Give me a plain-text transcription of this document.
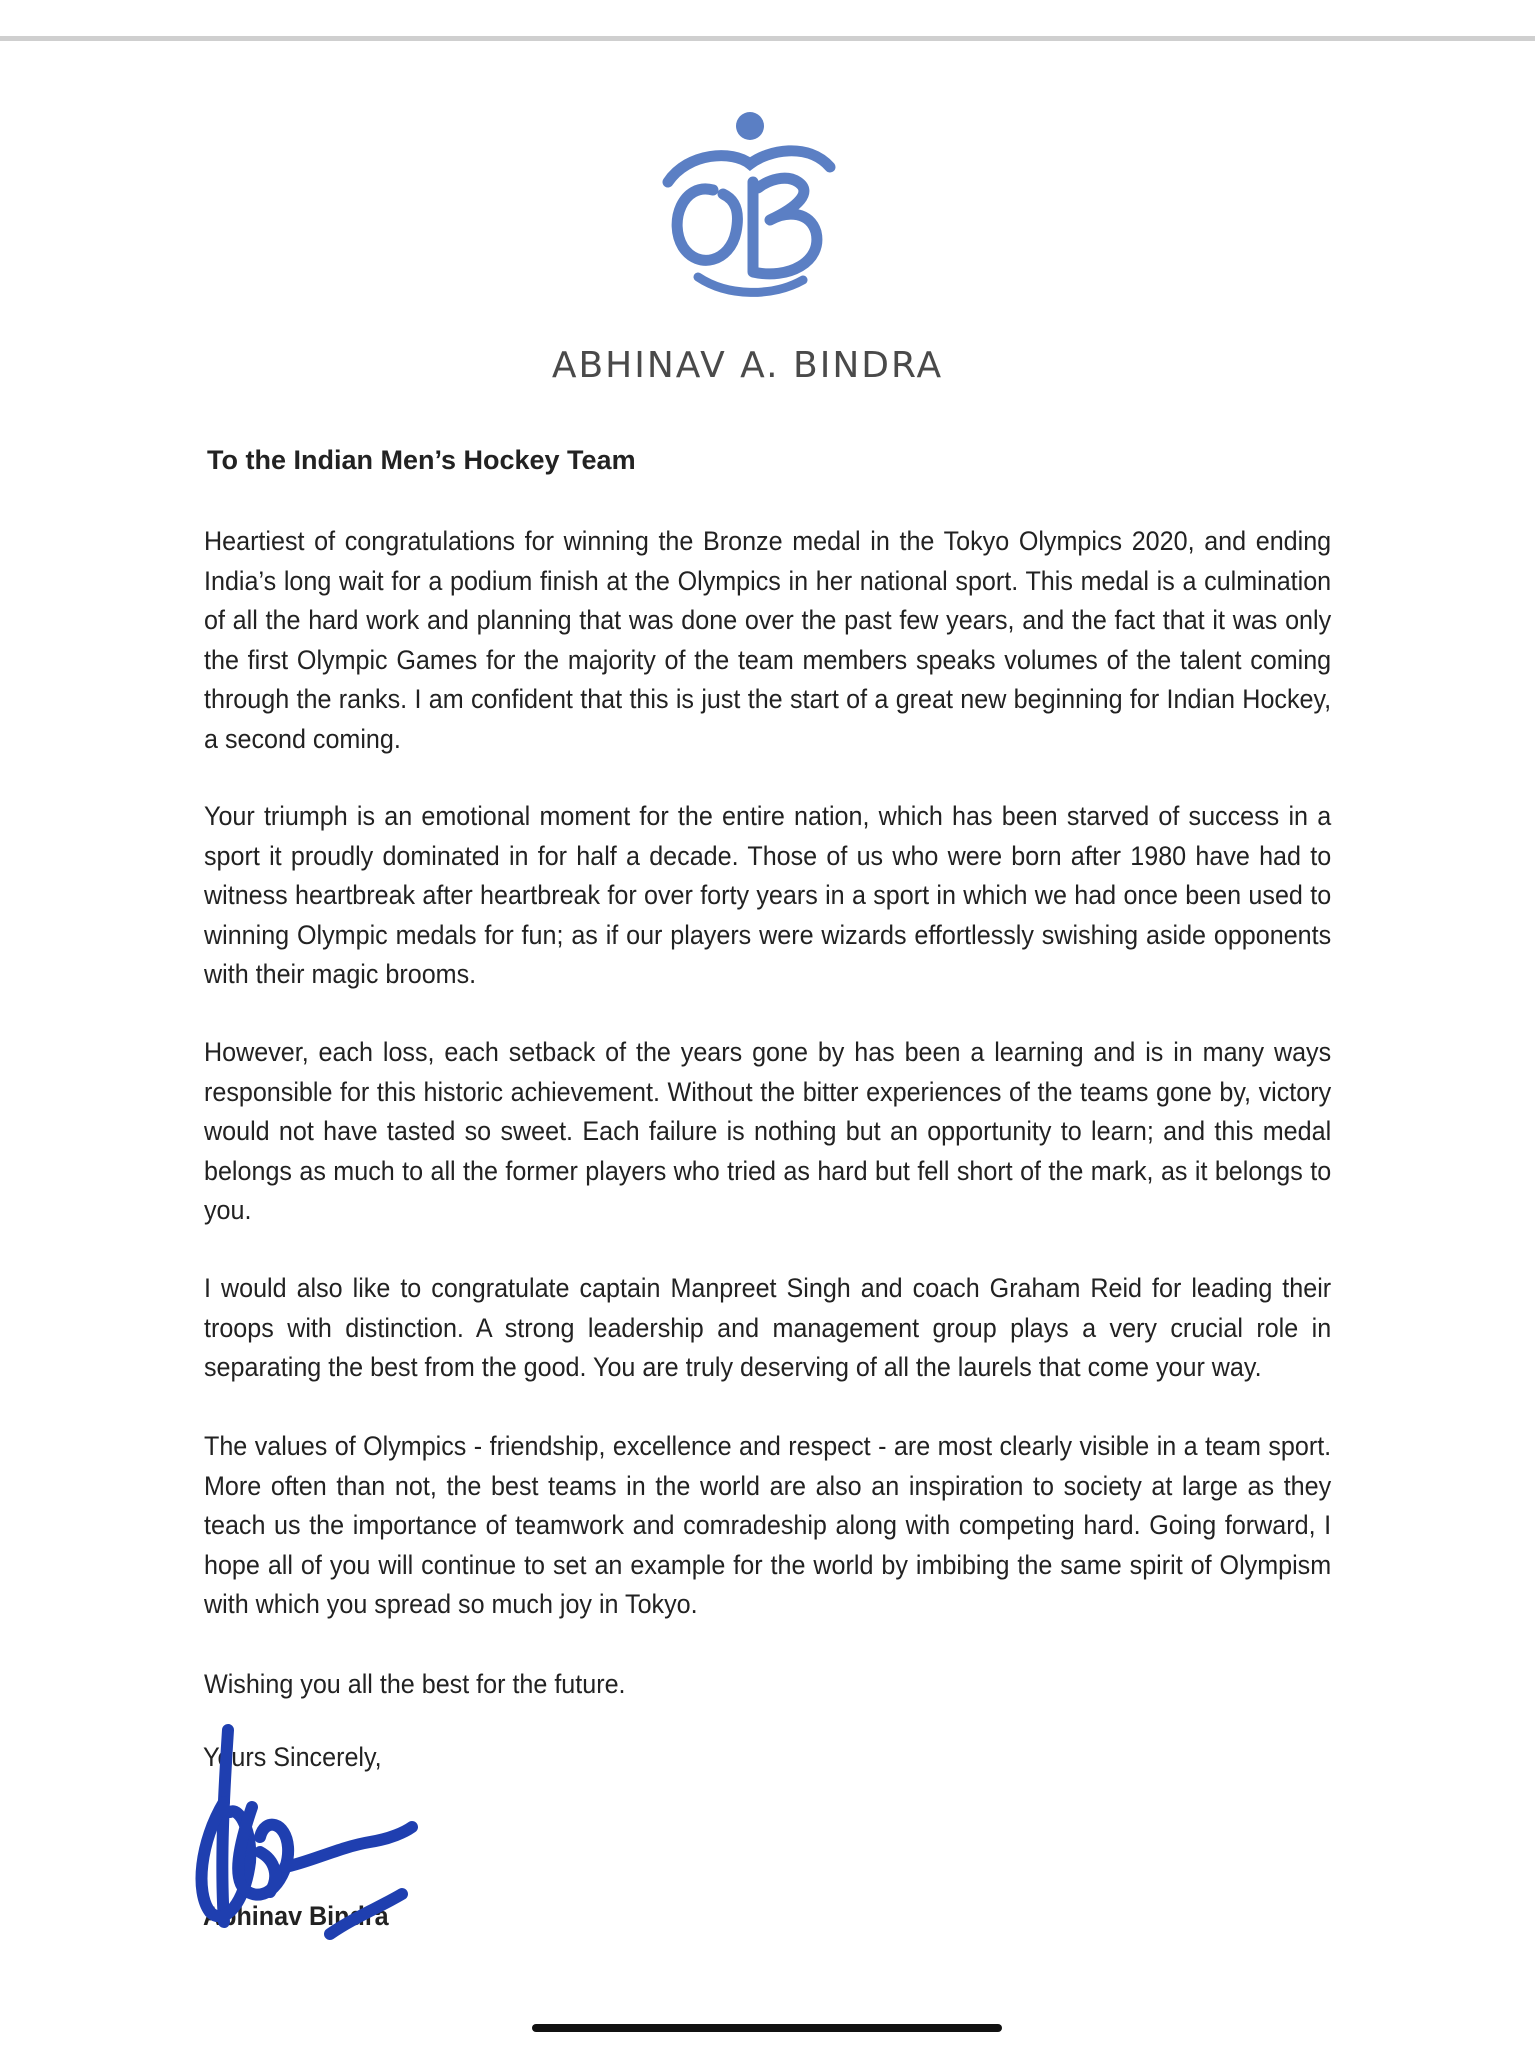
ABHINAV A. BINDRA
To the Indian Men’s Hockey Team
Heartiest of congratulations for winning the Bronze medal in the Tokyo Olympics 2020, and ending India’s long wait for a podium finish at the Olympics in her national sport. This medal is a culmination of all the hard work and planning that was done over the past few years, and the fact that it was only the first Olympic Games for the majority of the team members speaks volumes of the talent coming through the ranks. I am confident that this is just the start of a great new beginning for Indian Hockey, a second coming.
Your triumph is an emotional moment for the entire nation, which has been starved of success in a sport it proudly dominated in for half a decade. Those of us who were born after 1980 have had to witness heartbreak after heartbreak for over forty years in a sport in which we had once been used to winning Olympic medals for fun; as if our players were wizards effortlessly swishing aside opponents with their magic brooms.
However, each loss, each setback of the years gone by has been a learning and is in many ways responsible for this historic achievement. Without the bitter experiences of the teams gone by, victory would not have tasted so sweet. Each failure is nothing but an opportunity to learn; and this medal belongs as much to all the former players who tried as hard but fell short of the mark, as it belongs to you.
I would also like to congratulate captain Manpreet Singh and coach Graham Reid for leading their troops with distinction. A strong leadership and management group plays a very crucial role in separating the best from the good. You are truly deserving of all the laurels that come your way.
The values of Olympics - friendship, excellence and respect - are most clearly visible in a team sport. More often than not, the best teams in the world are also an inspiration to society at large as they teach us the importance of teamwork and comradeship along with competing hard. Going forward, I hope all of you will continue to set an example for the world by imbibing the same spirit of Olympism with which you spread so much joy in Tokyo.
Wishing you all the best for the future.
Yours Sincerely,
Abhinav Bindra
